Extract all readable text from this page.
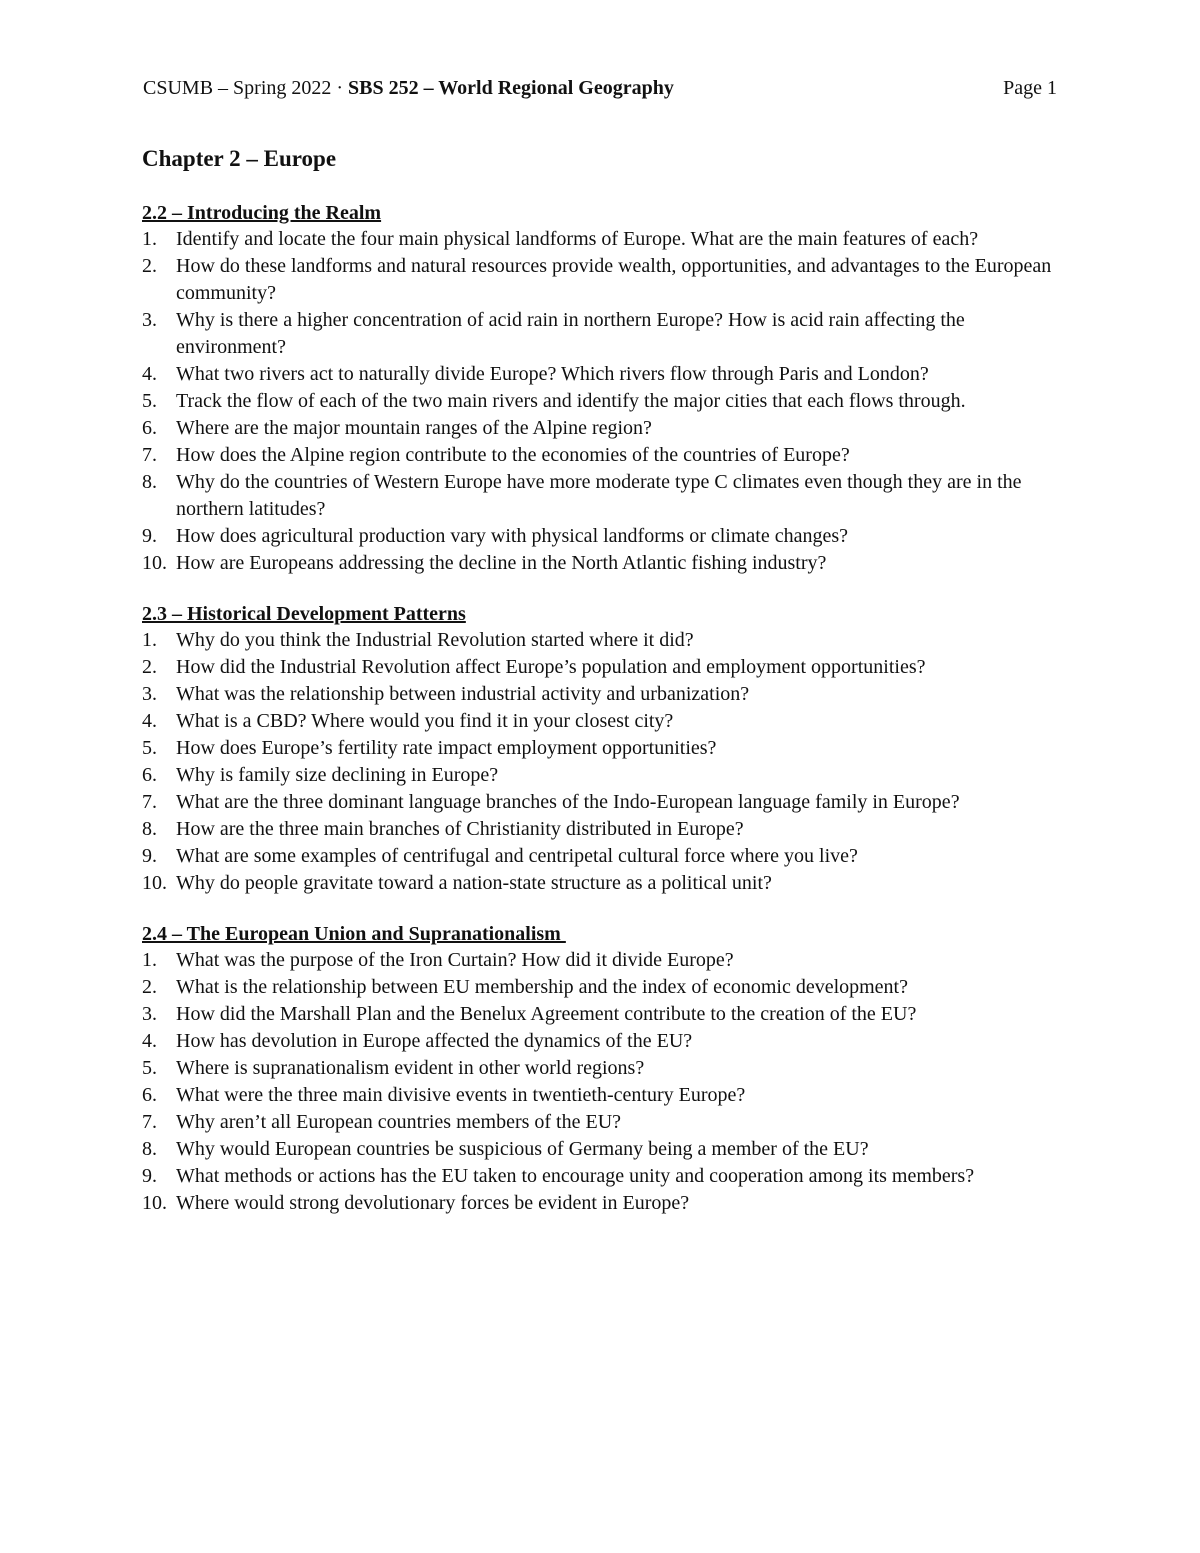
CSUMB – Spring 2022 · SBS 252 – World Regional Geography	Page 1
Chapter 2 – Europe
2.2 – Introducing the Realm
1. Identify and locate the four main physical landforms of Europe. What are the main features of each?
2. How do these landforms and natural resources provide wealth, opportunities, and advantages to the European community?
3. Why is there a higher concentration of acid rain in northern Europe? How is acid rain affecting the environment?
4. What two rivers act to naturally divide Europe? Which rivers flow through Paris and London?
5. Track the flow of each of the two main rivers and identify the major cities that each flows through.
6. Where are the major mountain ranges of the Alpine region?
7. How does the Alpine region contribute to the economies of the countries of Europe?
8. Why do the countries of Western Europe have more moderate type C climates even though they are in the northern latitudes?
9. How does agricultural production vary with physical landforms or climate changes?
10. How are Europeans addressing the decline in the North Atlantic fishing industry?
2.3 – Historical Development Patterns
1. Why do you think the Industrial Revolution started where it did?
2. How did the Industrial Revolution affect Europe’s population and employment opportunities?
3. What was the relationship between industrial activity and urbanization?
4. What is a CBD? Where would you find it in your closest city?
5. How does Europe’s fertility rate impact employment opportunities?
6. Why is family size declining in Europe?
7. What are the three dominant language branches of the Indo-European language family in Europe?
8. How are the three main branches of Christianity distributed in Europe?
9. What are some examples of centrifugal and centripetal cultural force where you live?
10. Why do people gravitate toward a nation-state structure as a political unit?
2.4 – The European Union and Supranationalism
1. What was the purpose of the Iron Curtain? How did it divide Europe?
2. What is the relationship between EU membership and the index of economic development?
3. How did the Marshall Plan and the Benelux Agreement contribute to the creation of the EU?
4. How has devolution in Europe affected the dynamics of the EU?
5. Where is supranationalism evident in other world regions?
6. What were the three main divisive events in twentieth-century Europe?
7. Why aren’t all European countries members of the EU?
8. Why would European countries be suspicious of Germany being a member of the EU?
9. What methods or actions has the EU taken to encourage unity and cooperation among its members?
10. Where would strong devolutionary forces be evident in Europe?
